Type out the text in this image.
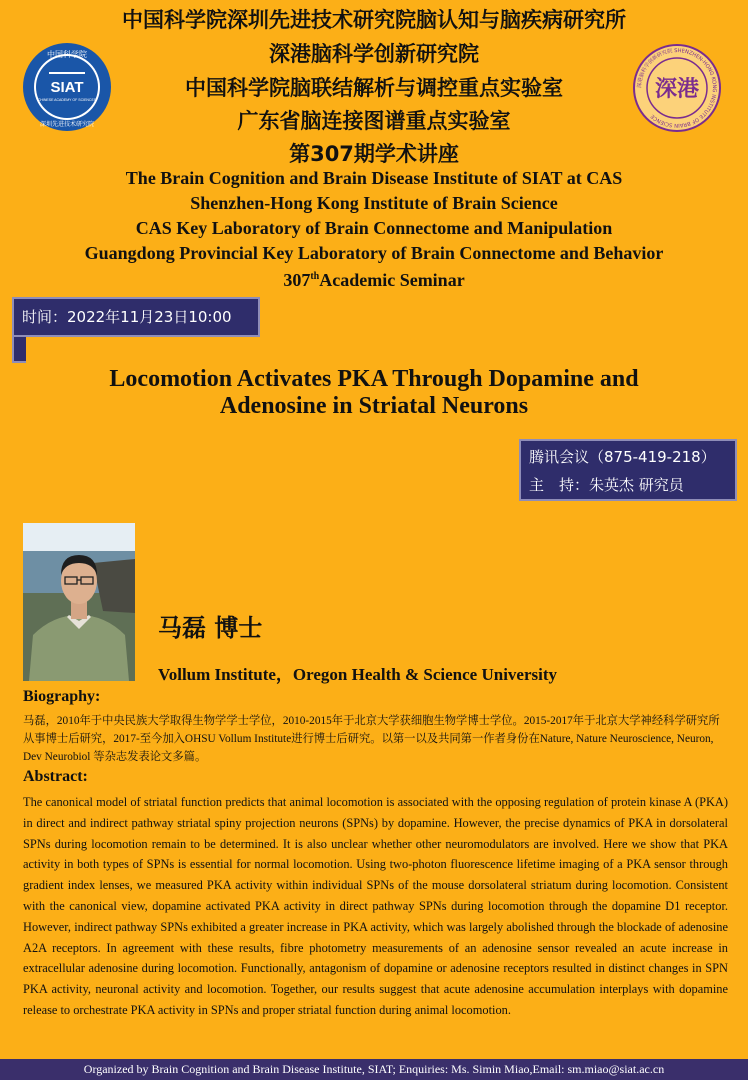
中国科学院深圳先进技术研究院脑认知与脑疾病研究所
深港脑科学创新研究院
中国科学院脑联结解析与调控重点实验室
广东省脑连接图谱重点实验室
第307期学术讲座
The Brain Cognition and Brain Disease Institute of SIAT at CAS
Shenzhen-Hong Kong Institute of Brain Science
CAS Key Laboratory of Brain Connectome and Manipulation
Guangdong Provincial Key Laboratory of Brain Connectome and Behavior
307thAcademic Seminar
中国科学院
SIAT
CHINESE ACADEMY OF SCIENCES
深圳先进技术研究院
深港脑科学创新研究院 SHENZHEN-HONG KONG INSTITUTE OF BRAIN SCIENCE
深港
时间：2022年11月23日10:00
Locomotion Activates PKA Through Dopamine and
Adenosine in Striatal Neurons
腾讯会议（875-419-218）
主　持：朱英杰 研究员
马磊 博士
Vollum Institute，Oregon Health & Science University
Biography:
马磊，2010年于中央民族大学取得生物学学士学位，2010-2015年于北京大学获细胞生物学博士学位。2015-2017年于北京大学神经科学研究所从事博士后研究，2017-至今加入OHSU Vollum Institute进行博士后研究。以第一以及共同第一作者身份在Nature, Nature Neuroscience, Neuron, Dev Neurobiol 等杂志发表论文多篇。
Abstract:
The canonical model of striatal function predicts that animal locomotion is associated with the opposing regulation of protein kinase A (PKA) in direct and indirect pathway striatal spiny projection neurons (SPNs) by dopamine. However, the precise dynamics of PKA in dorsolateral SPNs during locomotion remain to be determined. It is also unclear whether other neuromodulators are involved. Here we show that PKA activity in both types of SPNs is essential for normal locomotion. Using two-photon fluorescence lifetime imaging of a PKA sensor through gradient index lenses, we measured PKA activity within individual SPNs of the mouse dorsolateral striatum during locomotion. Consistent with the canonical view, dopamine activated PKA activity in direct pathway SPNs during locomotion through the dopamine D1 receptor. However, indirect pathway SPNs exhibited a greater increase in PKA activity, which was largely abolished through the blockade of adenosine A2A receptors. In agreement with these results, fibre photometry measurements of an adenosine sensor revealed an acute increase in extracellular adenosine during locomotion. Functionally, antagonism of dopamine or adenosine receptors resulted in distinct changes in SPN PKA activity, neuronal activity and locomotion. Together, our results suggest that acute adenosine accumulation interplays with dopamine release to orchestrate PKA activity in SPNs and proper striatal function during animal locomotion.
Organized by Brain Cognition and Brain Disease Institute, SIAT; Enquiries: Ms. Simin Miao,Email: sm.miao@siat.ac.cn
